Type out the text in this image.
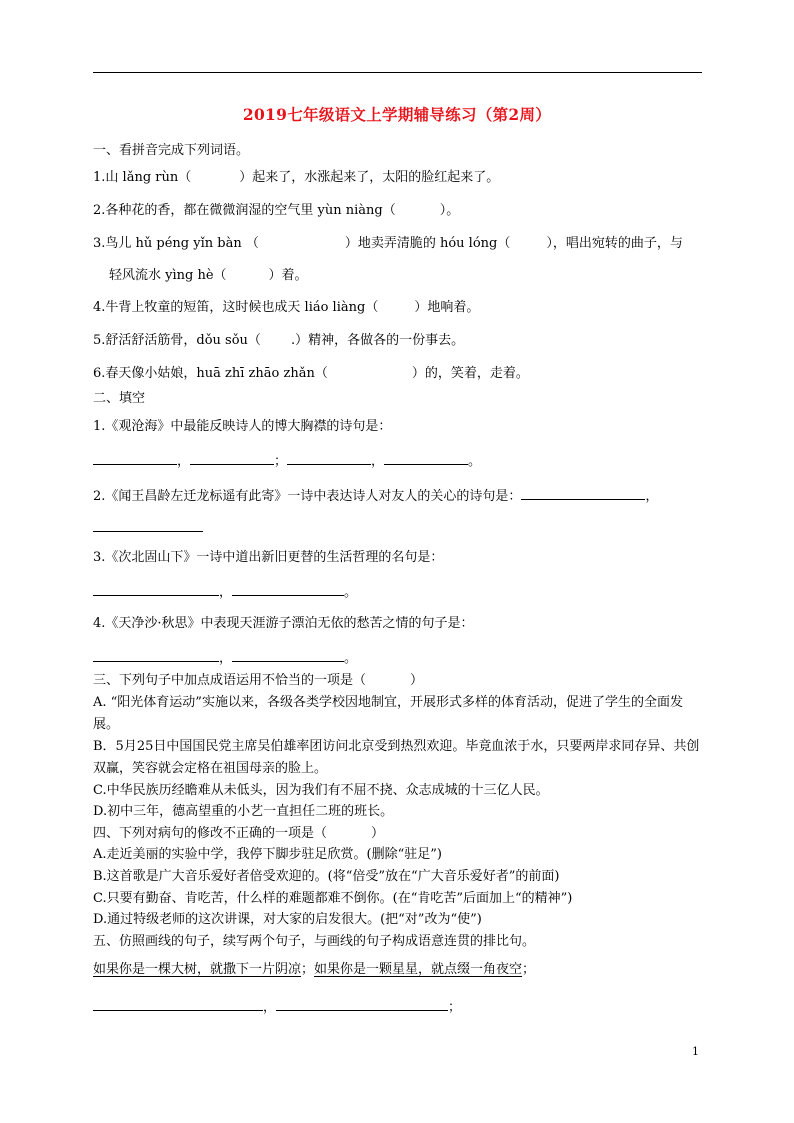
2019七年级语文上学期辅导练习（第2周）
一、看拼音完成下列词语。
1.山 lǎng rùn（	）起来了，水涨起来了，太阳的脸红起来了。
2.各种花的香，都在微微润湿的空气里 yùn niàng（	）。
3.鸟儿 hǔ péng yǐn bàn （	）地卖弄清脆的 hóu lóng（	），唱出宛转的曲子，与
轻风流水 yìng hè（	）着。
4.牛背上牧童的短笛，这时候也成天 liáo liàng（	）地响着。
5.舒活舒活筋骨，dǒu sǒu（ .）精神，各做各的一份事去。
6.春天像小姑娘，huā zhī zhāo zhǎn（	）的，笑着，走着。
二、填空
1.《观沧海》中最能反映诗人的博大胸襟的诗句是：
，	；	，	。
2.《闻王昌龄左迁龙标遥有此寄》一诗中表达诗人对友人的关心的诗句是：	，
3.《次北固山下》一诗中道出新旧更替的生活哲理的名句是：
，	。
4.《天净沙·秋思》中表现天涯游子漂泊无依的愁苦之情的句子是：
，	。
三、下列句子中加点成语运用不恰当的一项是（	）
A. “阳光体育运动”实施以来，各级各类学校因地制宜，开展形式多样的体育活动，促进了学生的全面发展。
B．5月25日中国国民党主席吴伯雄率团访问北京受到热烈欢迎。毕竟血浓于水，只要两岸求同存异、共创双赢，笑容就会定格在祖国母亲的脸上。
C.中华民族历经瞻难从未低头，因为我们有不屈不挠、众志成城的十三亿人民。
D.初中三年，德高望重的小艺一直担任二班的班长。
四、下列对病句的修改不正确的一项是（	）
A.走近美丽的实验中学，我停下脚步驻足欣赏。(删除“驻足”)
B.这首歌是广大音乐爱好者倍受欢迎的。(将“倍受”放在“广大音乐爱好者”的前面)
C.只要有勤奋、肯吃苦，什么样的难题都难不倒你。(在“肯吃苦”后面加上“的精神”)
D.通过特级老师的这次讲课，对大家的启发很大。(把“对”改为“使”)
五、仿照画线的句子，续写两个句子，与画线的句子构成语意连贯的排比句。
如果你是一棵大树，就撒下一片阴凉；如果你是一颗星星，就点缀一角夜空；
，	；
1
